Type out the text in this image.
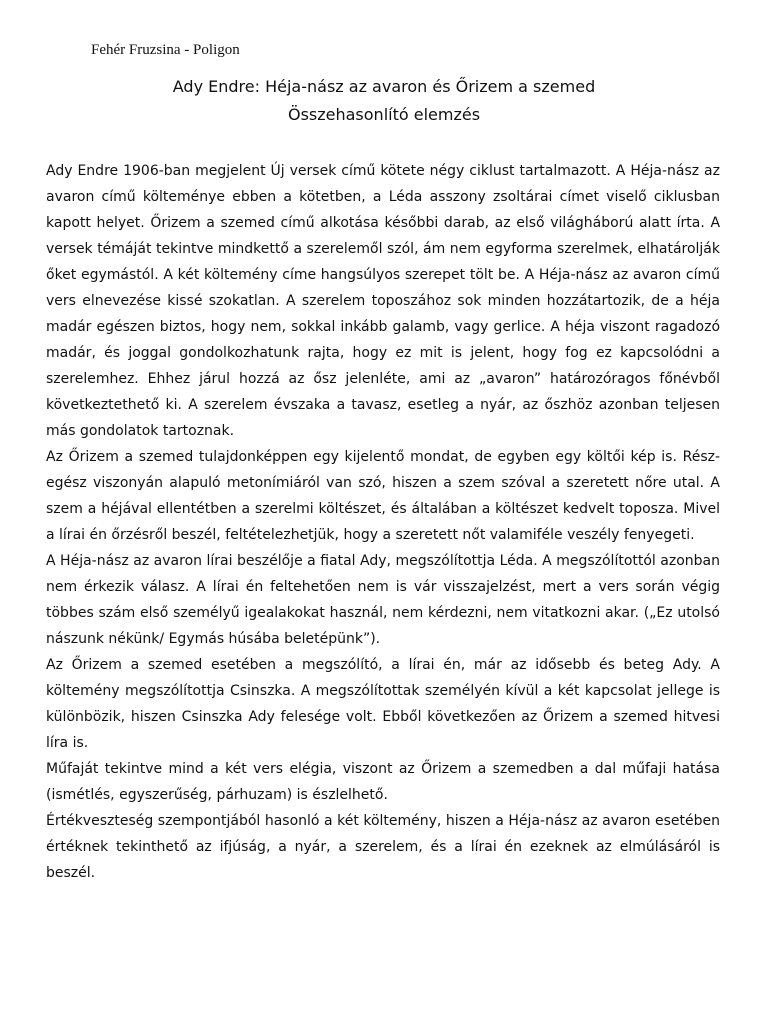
Fehér Fruzsina - Poligon
Ady Endre: Héja-nász az avaron és Őrizem a szemed
Összehasonlító elemzés

Ady Endre 1906-ban megjelent Új versek című kötete négy ciklust tartalmazott. A Héja-nász az avaron című költeménye ebben a kötetben, a Léda asszony zsoltárai címet viselő ciklusban kapott helyet. Őrizem a szemed című alkotása későbbi darab, az első világháború alatt írta. A versek témáját tekintve mindkettő a szerelemől szól, ám nem egyforma szerelmek, elhatárolják őket egymástól. A két költemény címe hangsúlyos szerepet tölt be. A Héja-nász az avaron című vers elnevezése kissé szokatlan. A szerelem toposzához sok minden hozzátartozik, de a héja madár egészen biztos, hogy nem, sokkal inkább galamb, vagy gerlice. A héja viszont ragadozó madár, és joggal gondolkozhatunk rajta, hogy ez mit is jelent, hogy fog ez kapcsolódni a szerelemhez. Ehhez járul hozzá az ősz jelenléte, ami az „avaron” határozóragos főnévből következtethető ki. A szerelem évszaka a tavasz, esetleg a nyár, az őszhöz azonban teljesen más gondolatok tartoznak.

Az Őrizem a szemed tulajdonképpen egy kijelentő mondat, de egyben egy költői kép is. Rész-egész viszonyán alapuló metonímiáról van szó, hiszen a szem szóval a szeretett nőre utal. A szem a héjával ellentétben a szerelmi költészet, és általában a költészet kedvelt toposza. Mivel a lírai én őrzésről beszél, feltételezhetjük, hogy a szeretett nőt valamiféle veszély fenyegeti.

A Héja-nász az avaron lírai beszélője a fiatal Ady, megszólítottja Léda. A megszólítottól azonban nem érkezik válasz. A lírai én feltehetően nem is vár visszajelzést, mert a vers során végig többes szám első személyű igealakokat használ, nem kérdezni, nem vitatkozni akar. („Ez utolsó nászunk nékünk/ Egymás húsába beletépünk”).

Az Őrizem a szemed esetében a megszólító, a lírai én, már az idősebb és beteg Ady. A költemény megszólítottja Csinszka. A megszólítottak személyén kívül a két kapcsolat jellege is különbözik, hiszen Csinszka Ady felesége volt. Ebből következően az Őrizem a szemed hitvesi líra is.

Műfaját tekintve mind a két vers elégia, viszont az Őrizem a szemedben a dal műfaji hatása (ismétlés, egyszerűség, párhuzam) is észlelhető.

Értékveszteség szempontjából hasonló a két költemény, hiszen a Héja-nász az avaron esetében értéknek tekinthető az ifjúság, a nyár, a szerelem, és a lírai én ezeknek az elmúlásáról is beszél.
